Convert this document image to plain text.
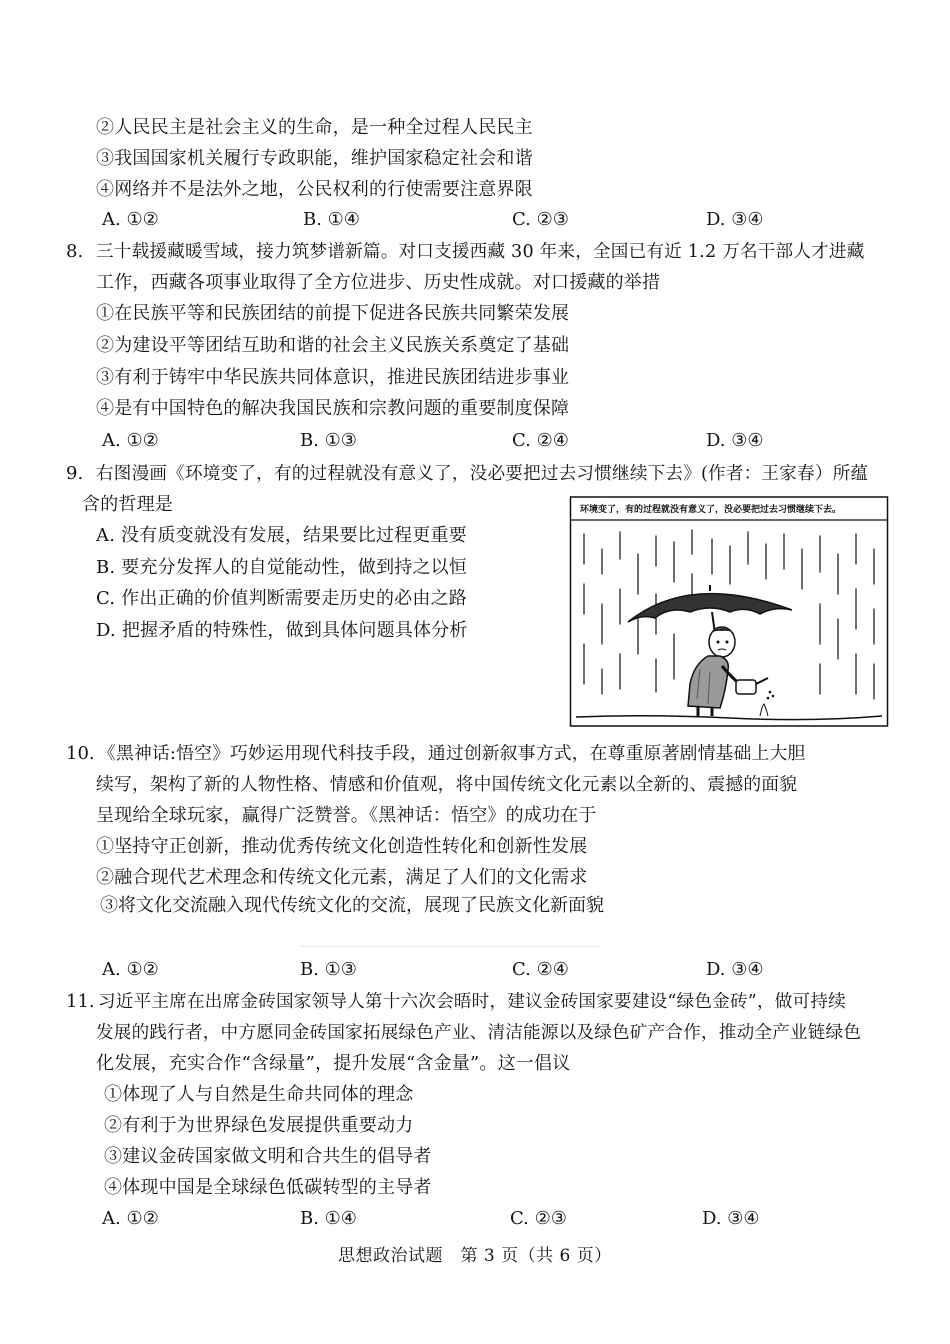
②人民民主是社会主义的生命，是一种全过程人民民主
③我国国家机关履行专政职能，维护国家稳定社会和谐
④网络并不是法外之地，公民权利的行使需要注意界限
A. ①②	B. ①④	C. ②③	D. ③④
8. 三十载援藏暖雪域，接力筑梦谱新篇。对口支援西藏 30 年来，全国已有近 1.2 万名干部人才进藏
工作，西藏各项事业取得了全方位进步、历史性成就。对口援藏的举措
①在民族平等和民族团结的前提下促进各民族共同繁荣发展
②为建设平等团结互助和谐的社会主义民族关系奠定了基础
③有利于铸牢中华民族共同体意识，推进民族团结进步事业
④是有中国特色的解决我国民族和宗教问题的重要制度保障
A. ①②	B. ①③	C. ②④	D. ③④
9. 右图漫画《环境变了，有的过程就没有意义了，没必要把过去习惯继续下去》(作者：王家春）所蕴
含的哲理是
A. 没有质变就没有发展，结果要比过程更重要
B. 要充分发挥人的自觉能动性，做到持之以恒
C. 作出正确的价值判断需要走历史的必由之路
D. 把握矛盾的特殊性，做到具体问题具体分析
环境变了，有的过程就没有意义了，没必要把过去习惯继续下去。
10. 《黑神话:悟空》巧妙运用现代科技手段，通过创新叙事方式，在尊重原著剧情基础上大胆
续写，架构了新的人物性格、情感和价值观，将中国传统文化元素以全新的、震撼的面貌
呈现给全球玩家，赢得广泛赞誉。《黑神话：悟空》的成功在于
①坚持守正创新，推动优秀传统文化创造性转化和创新性发展
②融合现代艺术理念和传统文化元素，满足了人们的文化需求
③将文化交流融入现代传统文化的交流，展现了民族文化新面貌
A. ①②	B. ①③	C. ②④	D. ③④
11. 习近平主席在出席金砖国家领导人第十六次会晤时，建议金砖国家要建设“绿色金砖”，做可持续
发展的践行者，中方愿同金砖国家拓展绿色产业、清洁能源以及绿色矿产合作，推动全产业链绿色
化发展，充实合作“含绿量”，提升发展“含金量”。这一倡议
①体现了人与自然是生命共同体的理念
②有利于为世界绿色发展提供重要动力
③建议金砖国家做文明和合共生的倡导者
④体现中国是全球绿色低碳转型的主导者
A. ①②	B. ①④	C. ②③	D. ③④
思想政治试题　第 3 页（共 6 页）
